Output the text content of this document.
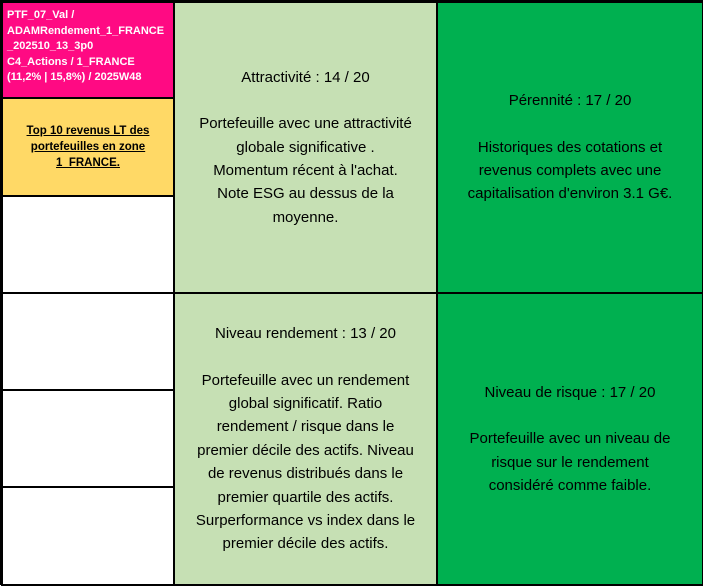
PTF_07_Val /
ADAMRendement_1_FRANCE_202510_13_3p0
C4_Actions / 1_FRANCE
(11,2% | 15,8%) / 2025W48
Top 10 revenus LT des portefeuilles en zone 1_FRANCE.
Attractivité : 14 / 20
Portefeuille avec une attractivité
globale significative .
Momentum récent à l'achat.
Note ESG au dessus de la
moyenne.
Pérennité : 17 / 20
Historiques des cotations et
revenus complets avec une
capitalisation d'environ 3.1 G€.
Niveau rendement : 13 / 20
Portefeuille avec un rendement
global significatif. Ratio
rendement / risque dans le
premier décile des actifs. Niveau
de revenus distribués dans le
premier quartile des actifs.
Surperformance vs index dans le
premier décile des actifs.
Niveau de risque : 17 / 20
Portefeuille avec un niveau de
risque sur le rendement
considéré comme faible.
